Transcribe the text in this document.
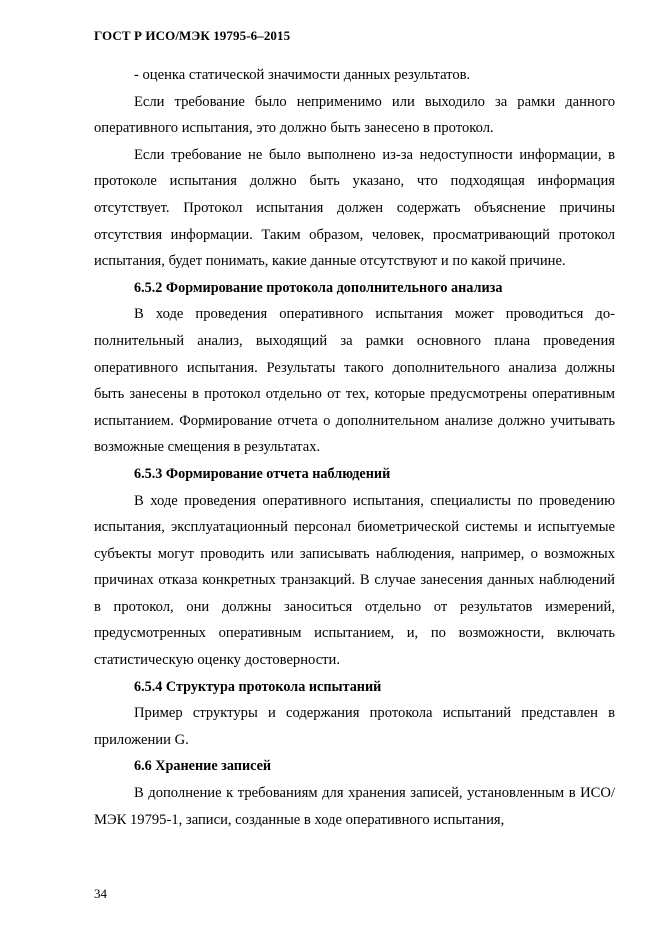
ГОСТ Р ИСО/МЭК 19795-6–2015

- оценка статической значимости данных результатов.

Если требование было неприменимо или выходило за рамки данного оперативного испытания, это должно быть занесено в протокол.

Если требование не было выполнено из-за недоступности информации, в протоколе испытания должно быть указано, что подходящая информация отсутствует. Протокол испытания должен содержать объяснение причины отсутствия информации. Таким образом, человек, просматривающий протокол испытания, будет понимать, какие данные отсутствуют и по какой причине.

6.5.2 Формирование протокола дополнительного анализа

В ходе проведения оперативного испытания может проводиться дополнительный анализ, выходящий за рамки основного плана проведения оперативного испытания. Результаты такого дополнительного анализа должны быть занесены в протокол отдельно от тех, которые предусмотрены оперативным испытанием. Формирование отчета о дополнительном анализе должно учитывать возможные смещения в результатах.

6.5.3 Формирование отчета наблюдений

В ходе проведения оперативного испытания, специалисты по проведению испытания, эксплуатационный персонал биометрической системы и испытуемые субъекты могут проводить или записывать наблюдения, например, о возможных причинах отказа конкретных транзакций. В случае занесения данных наблюдений в протокол, они должны заноситься отдельно от результатов измерений, предусмотренных оперативным испытанием, и, по возможности, включать статистическую оценку достоверности.

6.5.4 Структура протокола испытаний

Пример структуры и содержания протокола испытаний представлен в приложении G.

6.6 Хранение записей

В дополнение к требованиям для хранения записей, установленным в ИСО/МЭК 19795-1, записи, созданные в ходе оперативного испытания,

34
